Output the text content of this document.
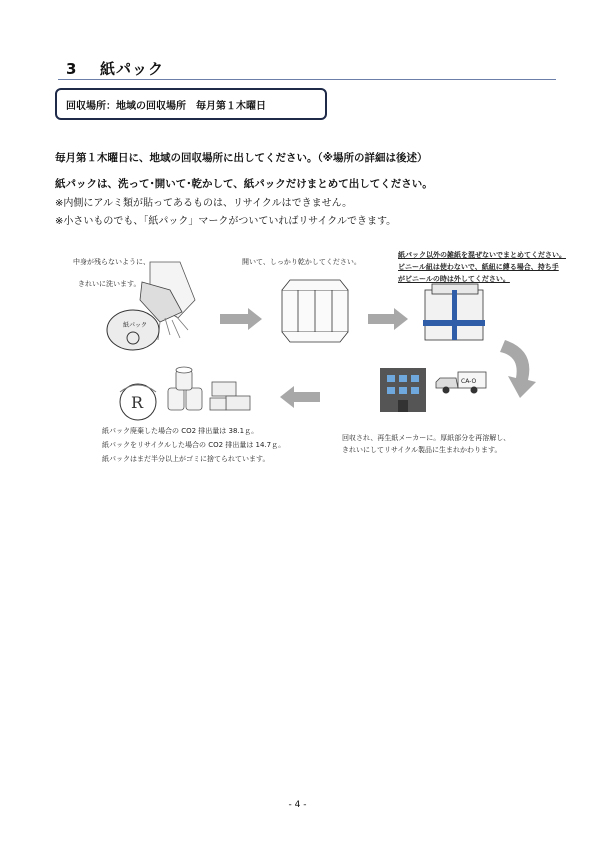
3 紙パック
回収場所：地域の回収場所　毎月第１木曜日
毎月第１木曜日に、地域の回収場所に出してください。（※場所の詳細は後述）
紙パックは、洗って･開いて･乾かして、紙パックだけまとめて出してください。
※内側にアルミ類が貼ってあるものは、リサイクルはできません。
※小さいものでも、「紙パック」マークがついていればリサイクルできます。
紙パック
CA-O
R
中身が残らないように、
きれいに洗います。
開いて、しっかり乾かしてください。
紙パック以外の雑紙を混ぜないでまとめてください。
ビニール紐は使わないで、紙紐に縛る場合、持ち手
がビニールの時は外してください。
回収され、再生紙メーカーに。厚紙部分を再溶解し、
きれいにしてリサイクル製品に生まれかわります。
紙パック廃棄した場合の CO2 排出量は 38.1ｇ。
紙パックをリサイクルした場合の CO2 排出量は 14.7ｇ。
紙パックはまだ半分以上がゴミに捨てられています。
- 4 -
